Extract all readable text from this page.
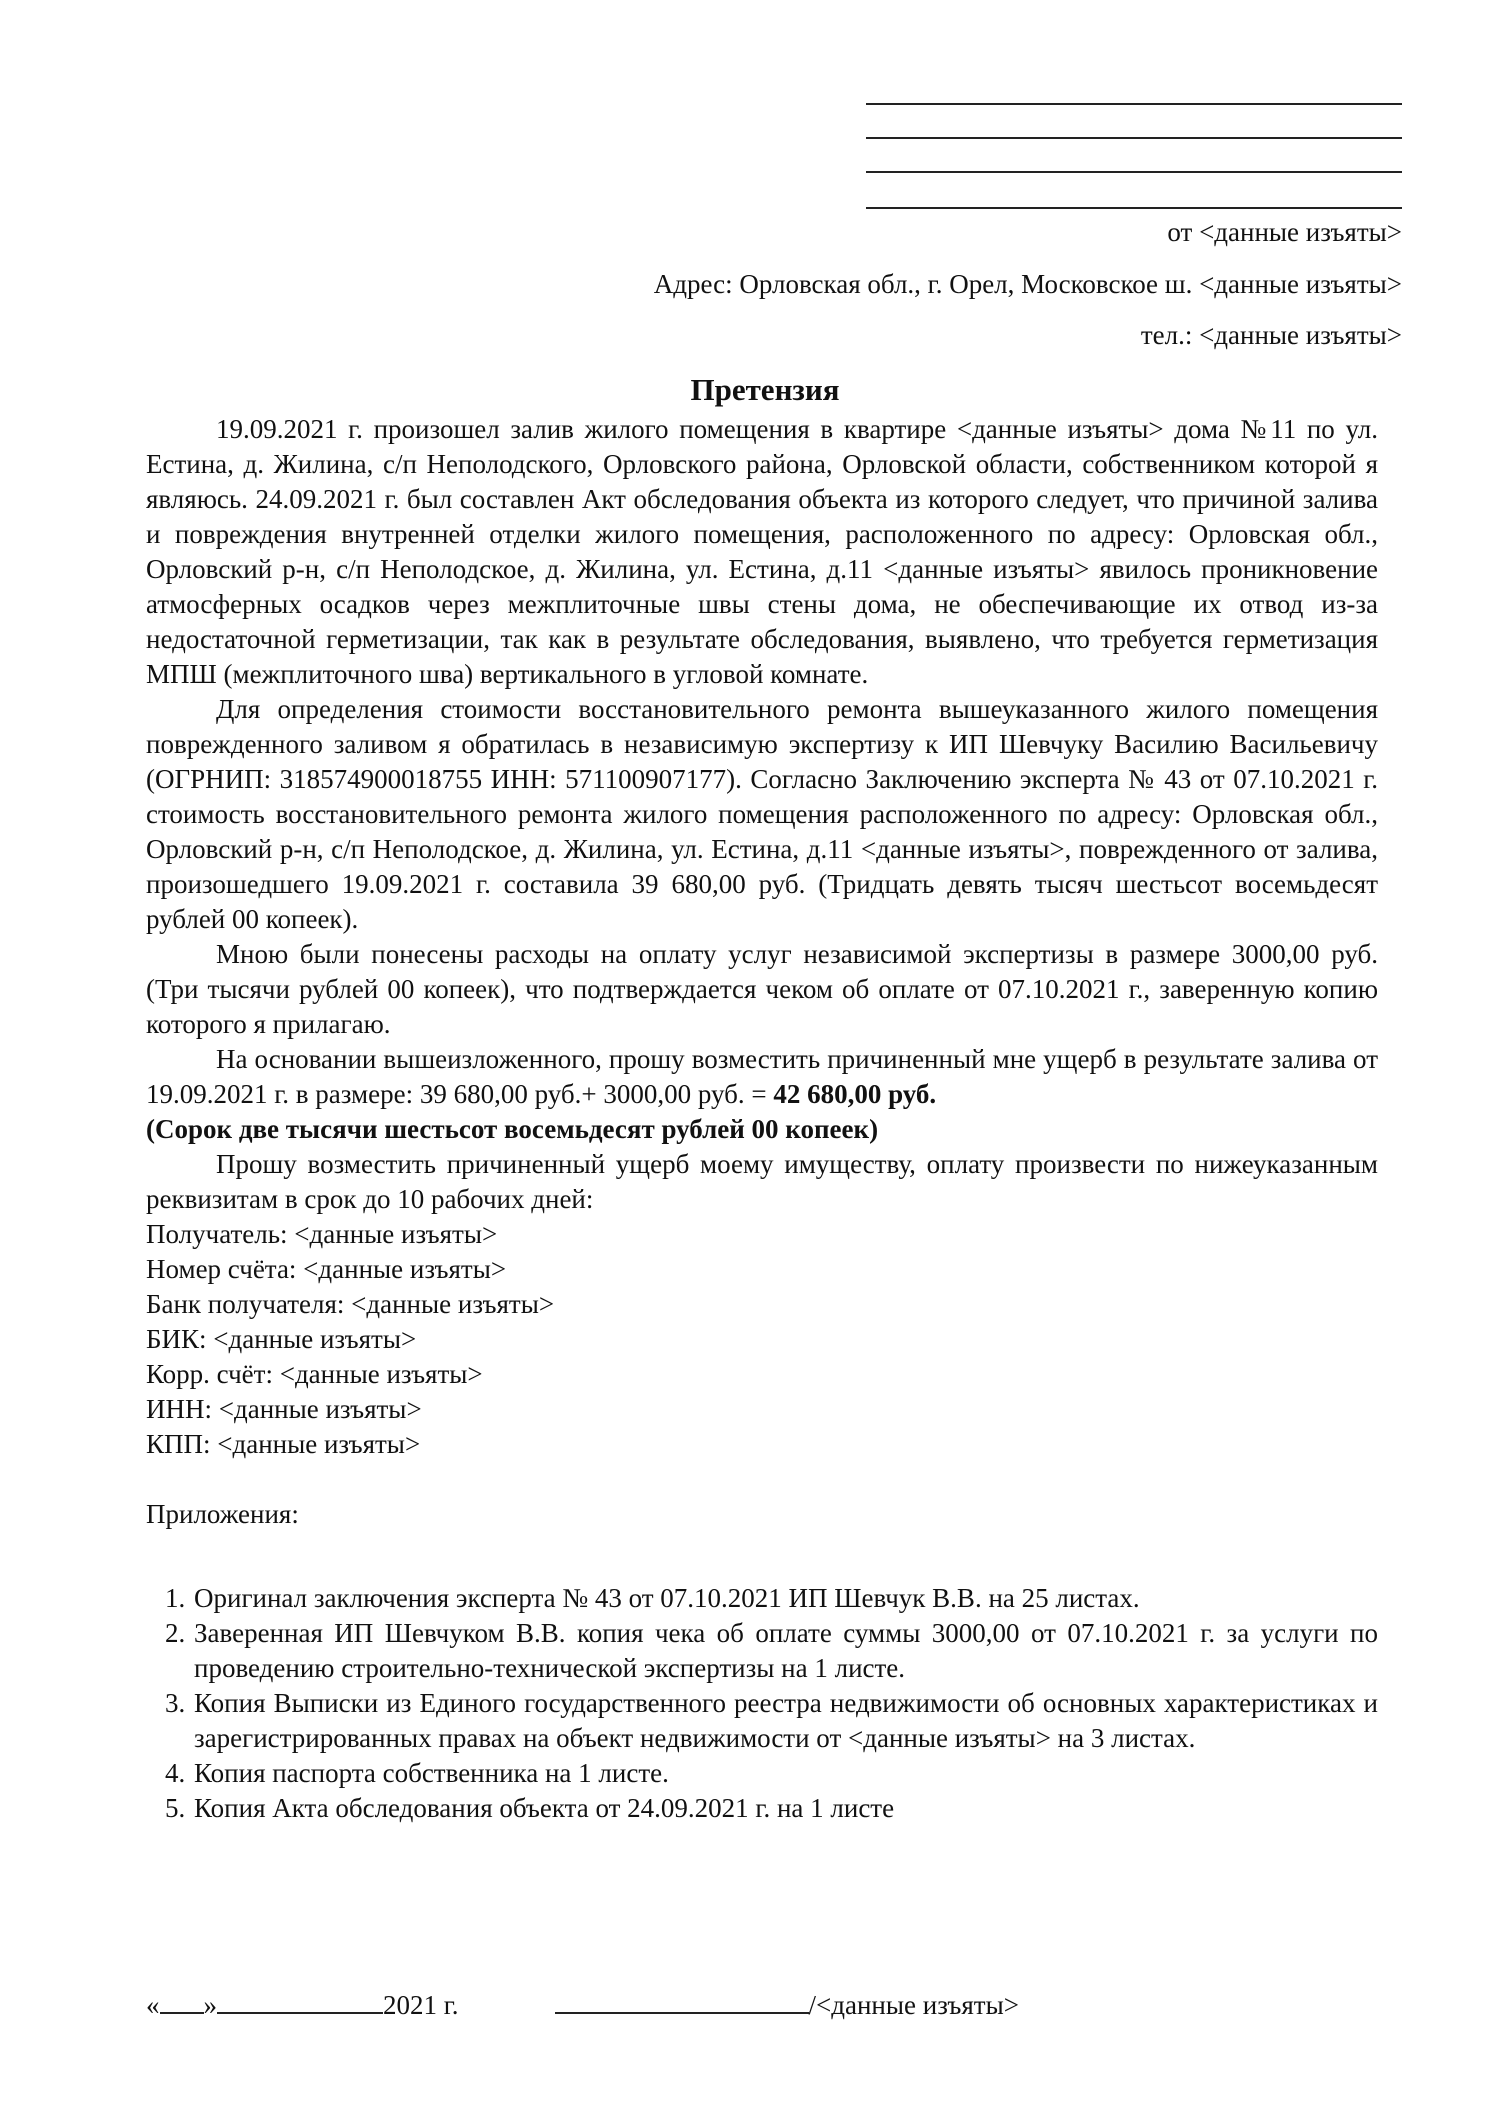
от <данные изъяты>
Адрес: Орловская обл., г. Орел, Московское ш. <данные изъяты>
тел.: <данные изъяты>
Претензия

19.09.2021 г. произошел залив жилого помещения в квартире <данные изъяты> дома №11 по ул. Естина, д. Жилина, с/п Неполодского, Орловского района, Орловской области, собственником которой я являюсь. 24.09.2021 г. был составлен Акт обследования объекта из которого следует, что причиной залива и повреждения внутренней отделки жилого помещения, расположенного по адресу: Орловская обл., Орловский р-н, с/п Неполодское, д. Жилина, ул. Естина, д.11 <данные изъяты> явилось проникновение атмосферных осадков через межплиточные швы стены дома, не обеспечивающие их отвод из-за недостаточной герметизации, так как в результате обследования, выявлено, что требуется герметизация МПШ (межплиточного шва) вертикального в угловой комнате.

Для определения стоимости восстановительного ремонта вышеуказанного жилого помещения поврежденного заливом я обратилась в независимую экспертизу к ИП Шевчуку Василию Васильевичу (ОГРНИП: 318574900018755 ИНН: 571100907177). Согласно Заключению эксперта № 43 от 07.10.2021 г. стоимость восстановительного ремонта жилого помещения расположенного по адресу: Орловская обл., Орловский р-н, с/п Неполодское, д. Жилина, ул. Естина, д.11 <данные изъяты>, поврежденного от залива, произошедшего 19.09.2021 г. составила 39 680,00 руб. (Тридцать девять тысяч шестьсот восемьдесят рублей 00 копеек).

Мною были понесены расходы на оплату услуг независимой экспертизы в размере 3000,00 руб. (Три тысячи рублей 00 копеек), что подтверждается чеком об оплате от 07.10.2021 г., заверенную копию которого я прилагаю.

На основании вышеизложенного, прошу возместить причиненный мне ущерб в результате залива от 19.09.2021 г. в размере: 39 680,00 руб.+ 3000,00 руб. = 42 680,00 руб.

(Сорок две тысячи шестьсот восемьдесят рублей 00 копеек)

Прошу возместить причиненный ущерб моему имуществу, оплату произвести по нижеуказанным реквизитам в срок до 10 рабочих дней:

Получатель: <данные изъяты>
Номер счёта: <данные изъяты>
Банк получателя: <данные изъяты>
БИК: <данные изъяты>
Корр. счёт: <данные изъяты>
ИНН: <данные изъяты>
КПП: <данные изъяты>
Приложения:
1. Оригинал заключения эксперта № 43 от 07.10.2021 ИП Шевчук В.В. на 25 листах.
2. Заверенная ИП Шевчуком В.В. копия чека об оплате суммы 3000,00 от 07.10.2021 г. за услуги по проведению строительно-технической экспертизы на 1 листе.
3. Копия Выписки из Единого государственного реестра недвижимости об основных характеристиках и зарегистрированных правах на объект недвижимости от <данные изъяты> на 3 листах.
4. Копия паспорта собственника на 1 листе.
5. Копия Акта обследования объекта от 24.09.2021 г. на 1 листе
« »	2021 г.	/<данные изъяты>
